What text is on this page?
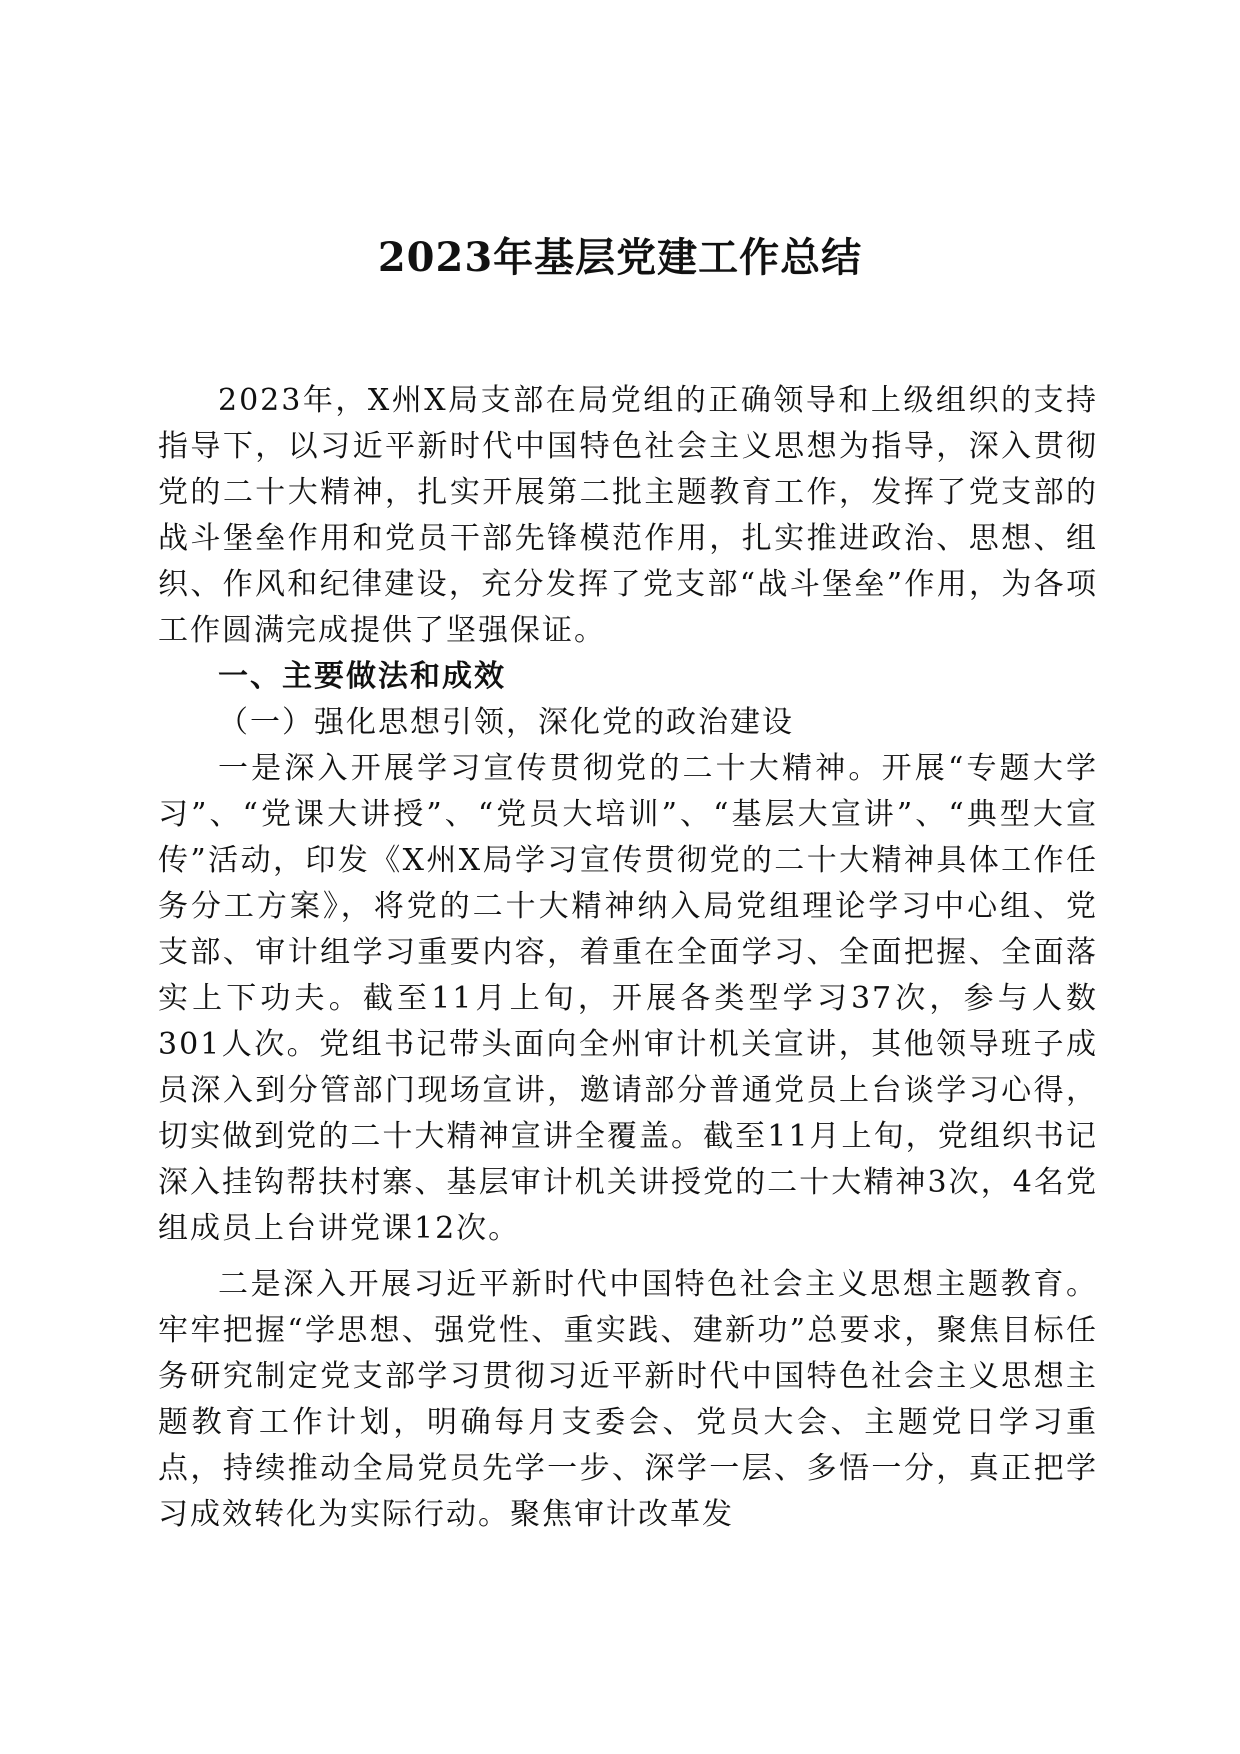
2023年基层党建工作总结

2023年，X州X局支部在局党组的正确领导和上级组织的支持指导下，以习近平新时代中国特色社会主义思想为指导，深入贯彻党的二十大精神，扎实开展第二批主题教育工作，发挥了党支部的战斗堡垒作用和党员干部先锋模范作用，扎实推进政治、思想、组织、作风和纪律建设，充分发挥了党支部“战斗堡垒”作用，为各项工作圆满完成提供了坚强保证。

一、主要做法和成效

（一）强化思想引领，深化党的政治建设

一是深入开展学习宣传贯彻党的二十大精神。开展“专题大学习”、“党课大讲授”、“党员大培训”、“基层大宣讲”、“典型大宣传”活动，印发《X州X局学习宣传贯彻党的二十大精神具体工作任务分工方案》，将党的二十大精神纳入局党组理论学习中心组、党支部、审计组学习重要内容，着重在全面学习、全面把握、全面落实上下功夫。截至11月上旬，开展各类型学习37次，参与人数301人次。党组书记带头面向全州审计机关宣讲，其他领导班子成员深入到分管部门现场宣讲，邀请部分普通党员上台谈学习心得，切实做到党的二十大精神宣讲全覆盖。截至11月上旬，党组织书记深入挂钩帮扶村寨、基层审计机关讲授党的二十大精神3次，4名党组成员上台讲党课12次。

二是深入开展习近平新时代中国特色社会主义思想主题教育。牢牢把握“学思想、强党性、重实践、建新功”总要求，聚焦目标任务研究制定党支部学习贯彻习近平新时代中国特色社会主义思想主题教育工作计划，明确每月支委会、党员大会、主题党日学习重点，持续推动全局党员先学一步、深学一层、多悟一分，真正把学习成效转化为实际行动。聚焦审计改革发
